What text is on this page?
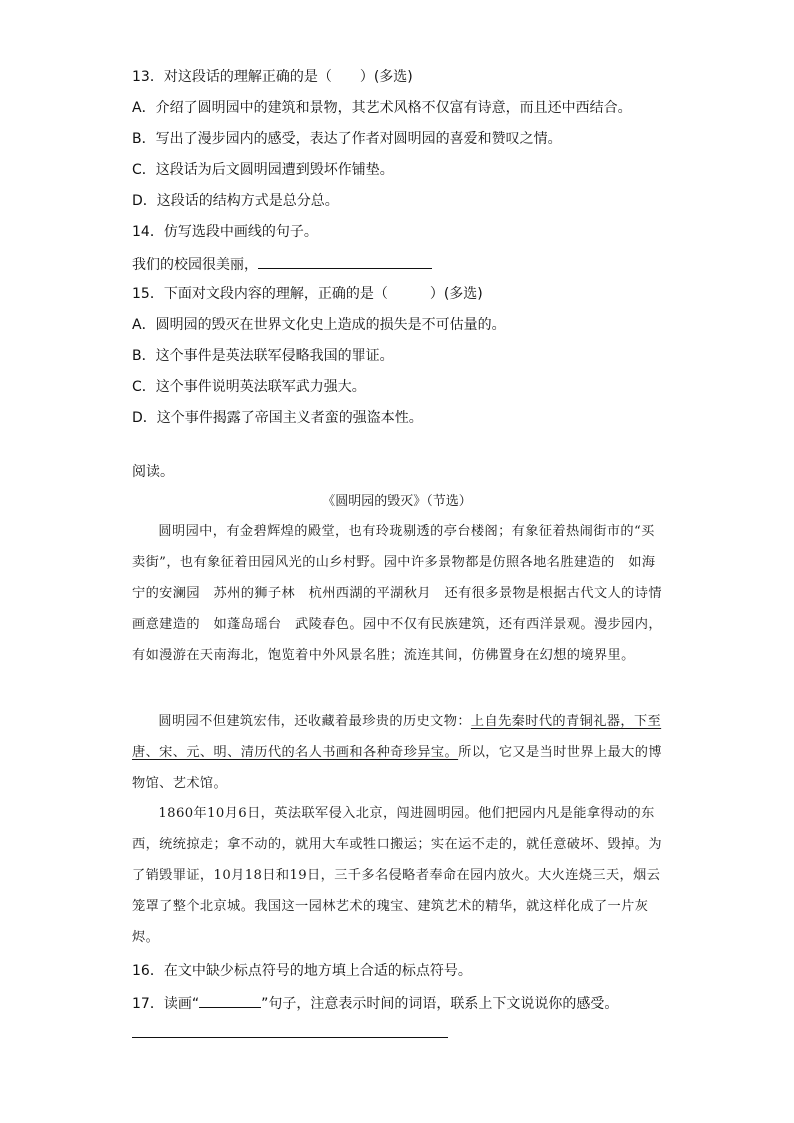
13．对这段话的理解正确的是（　　）(多选)
A．介绍了圆明园中的建筑和景物，其艺术风格不仅富有诗意，而且还中西结合。
B．写出了漫步园内的感受，表达了作者对圆明园的喜爱和赞叹之情。
C．这段话为后文圆明园遭到毁坏作铺垫。
D．这段话的结构方式是总分总。
14．仿写选段中画线的句子。
我们的校园很美丽，
15．下面对文段内容的理解，正确的是（　　　）(多选)
A．圆明园的毁灭在世界文化史上造成的损失是不可估量的。
B．这个事件是英法联军侵略我国的罪证。
C．这个事件说明英法联军武力强大。
D．这个事件揭露了帝国主义者蛮的强盗本性。
阅读。
《圆明园的毁灭》（节选）

圆明园中，有金碧辉煌的殿堂，也有玲珑剔透的亭台楼阁；有象征着热闹街市的“买卖街”，也有象征着田园风光的山乡村野。园中许多景物都是仿照各地名胜建造的　如海宁的安澜园　苏州的狮子林　杭州西湖的平湖秋月　还有很多景物是根据古代文人的诗情画意建造的　如蓬岛瑶台　武陵春色。园中不仅有民族建筑，还有西洋景观。漫步园内，有如漫游在天南海北，饱览着中外风景名胜；流连其间，仿佛置身在幻想的境界里。

圆明园不但建筑宏伟，还收藏着最珍贵的历史文物：上自先秦时代的青铜礼器，下至唐、宋、元、明、清历代的名人书画和各种奇珍异宝。所以，它又是当时世界上最大的博物馆、艺术馆。

1860年10月6日，英法联军侵入北京，闯进圆明园。他们把园内凡是能拿得动的东西，统统掠走；拿不动的，就用大车或牲口搬运；实在运不走的，就任意破坏、毁掉。为了销毁罪证，10月18日和19日，三千多名侵略者奉命在园内放火。大火连烧三天，烟云笼罩了整个北京城。我国这一园林艺术的瑰宝、建筑艺术的精华，就这样化成了一片灰烬。

16．在文中缺少标点符号的地方填上合适的标点符号。
17．读画“	”句子，注意表示时间的词语，联系上下文说说你的感受。
